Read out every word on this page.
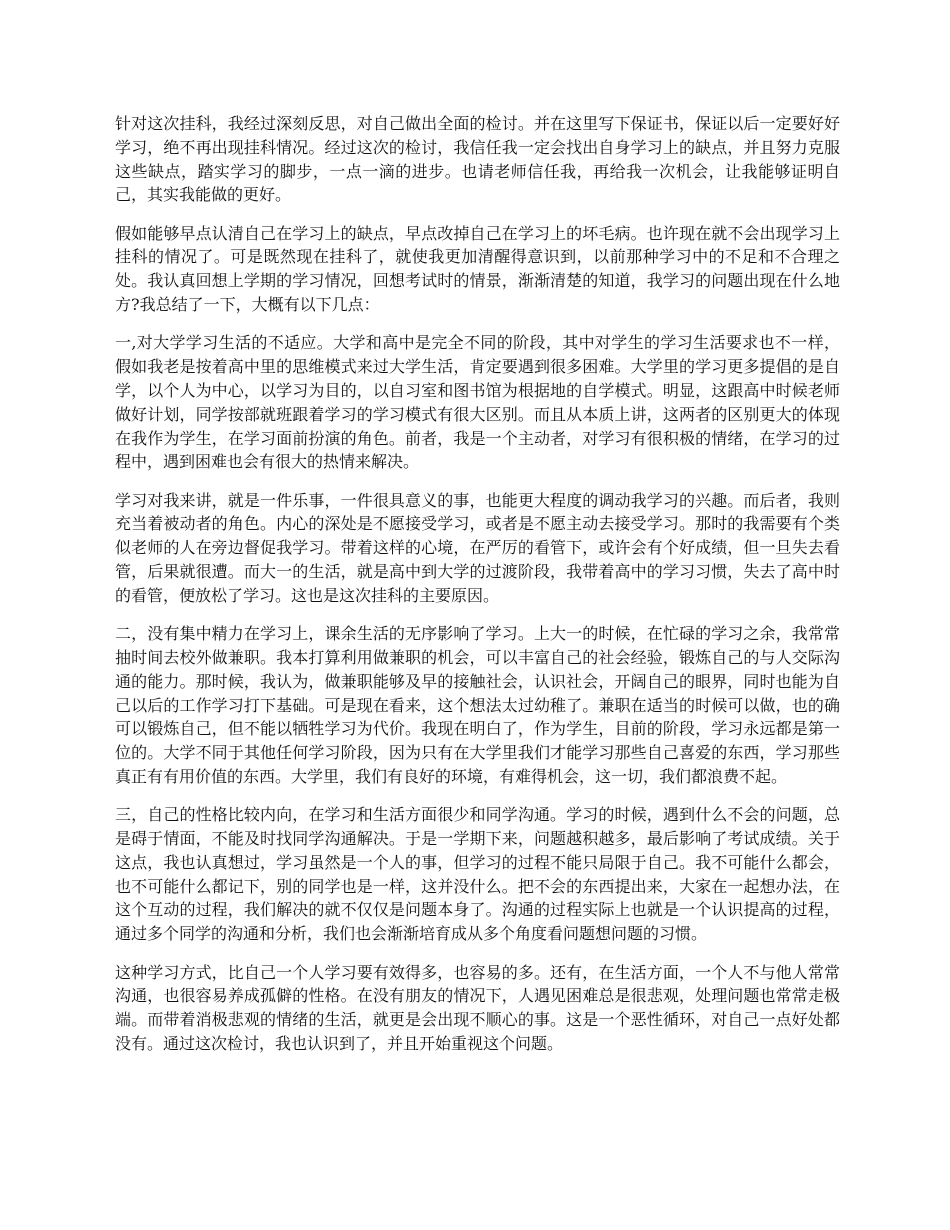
针对这次挂科，我经过深刻反思，对自己做出全面的检讨。并在这里写下保证书，保证以后一定要好好学习，绝不再出现挂科情况。经过这次的检讨，我信任我一定会找出自身学习上的缺点，并且努力克服这些缺点，踏实学习的脚步，一点一滴的进步。也请老师信任我，再给我一次机会，让我能够证明自己，其实我能做的更好。

假如能够早点认清自己在学习上的缺点，早点改掉自己在学习上的坏毛病。也许现在就不会出现学习上挂科的情况了。可是既然现在挂科了，就使我更加清醒得意识到，以前那种学习中的不足和不合理之处。我认真回想上学期的学习情况，回想考试时的情景，渐渐清楚的知道，我学习的问题出现在什么地方?我总结了一下，大概有以下几点：

一,对大学学习生活的不适应。大学和高中是完全不同的阶段，其中对学生的学习生活要求也不一样，假如我老是按着高中里的思维模式来过大学生活，肯定要遇到很多困难。大学里的学习更多提倡的是自学，以个人为中心，以学习为目的，以自习室和图书馆为根据地的自学模式。明显，这跟高中时候老师做好计划，同学按部就班跟着学习的学习模式有很大区别。而且从本质上讲，这两者的区别更大的体现在我作为学生，在学习面前扮演的角色。前者，我是一个主动者，对学习有很积极的情绪，在学习的过程中，遇到困难也会有很大的热情来解决。

学习对我来讲，就是一件乐事，一件很具意义的事，也能更大程度的调动我学习的兴趣。而后者，我则充当着被动者的角色。内心的深处是不愿接受学习，或者是不愿主动去接受学习。那时的我需要有个类似老师的人在旁边督促我学习。带着这样的心境，在严厉的看管下，或许会有个好成绩，但一旦失去看管，后果就很遭。而大一的生活，就是高中到大学的过渡阶段，我带着高中的学习习惯，失去了高中时的看管，便放松了学习。这也是这次挂科的主要原因。

二，没有集中精力在学习上，课余生活的无序影响了学习。上大一的时候，在忙碌的学习之余，我常常抽时间去校外做兼职。我本打算利用做兼职的机会，可以丰富自己的社会经验，锻炼自己的与人交际沟通的能力。那时候，我认为，做兼职能够及早的接触社会，认识社会，开阔自己的眼界，同时也能为自己以后的工作学习打下基础。可是现在看来，这个想法太过幼稚了。兼职在适当的时候可以做，也的确可以锻炼自己，但不能以牺牲学习为代价。我现在明白了，作为学生，目前的阶段，学习永远都是第一位的。大学不同于其他任何学习阶段，因为只有在大学里我们才能学习那些自己喜爱的东西，学习那些真正有有用价值的东西。大学里，我们有良好的环境，有难得机会，这一切，我们都浪费不起。

三，自己的性格比较内向，在学习和生活方面很少和同学沟通。学习的时候，遇到什么不会的问题，总是碍于情面，不能及时找同学沟通解决。于是一学期下来，问题越积越多，最后影响了考试成绩。关于这点，我也认真想过，学习虽然是一个人的事，但学习的过程不能只局限于自己。我不可能什么都会，也不可能什么都记下，别的同学也是一样，这并没什么。把不会的东西提出来，大家在一起想办法，在这个互动的过程，我们解决的就不仅仅是问题本身了。沟通的过程实际上也就是一个认识提高的过程，通过多个同学的沟通和分析，我们也会渐渐培育成从多个角度看问题想问题的习惯。

这种学习方式，比自己一个人学习要有效得多，也容易的多。还有，在生活方面，一个人不与他人常常沟通，也很容易养成孤僻的性格。在没有朋友的情况下，人遇见困难总是很悲观，处理问题也常常走极端。而带着消极悲观的情绪的生活，就更是会出现不顺心的事。这是一个恶性循环，对自己一点好处都没有。通过这次检讨，我也认识到了，并且开始重视这个问题。
